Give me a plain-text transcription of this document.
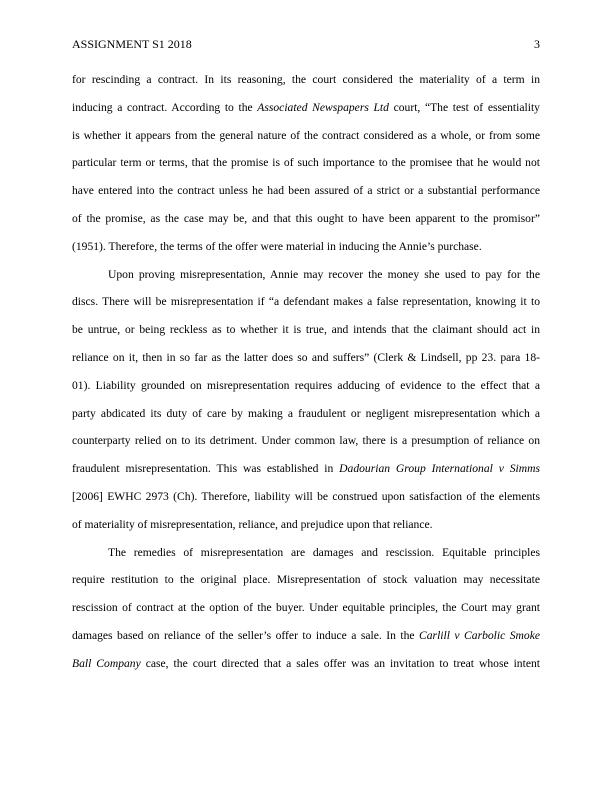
ASSIGNMENT S1 2018	3
for rescinding a contract. In its reasoning, the court considered the materiality of a term in
inducing a contract. According to the Associated Newspapers Ltd court, “The test of essentiality
is whether it appears from the general nature of the contract considered as a whole, or from some
particular term or terms, that the promise is of such importance to the promisee that he would not
have entered into the contract unless he had been assured of a strict or a substantial performance
of the promise, as the case may be, and that this ought to have been apparent to the promisor”
(1951). Therefore, the terms of the offer were material in inducing the Annie’s purchase.
Upon proving misrepresentation, Annie may recover the money she used to pay for the
discs. There will be misrepresentation if “a defendant makes a false representation, knowing it to
be untrue, or being reckless as to whether it is true, and intends that the claimant should act in
reliance on it, then in so far as the latter does so and suffers” (Clerk & Lindsell, pp 23. para 18-
01). Liability grounded on misrepresentation requires adducing of evidence to the effect that a
party abdicated its duty of care by making a fraudulent or negligent misrepresentation which a
counterparty relied on to its detriment. Under common law, there is a presumption of reliance on
fraudulent misrepresentation. This was established in Dadourian Group International v Simms
[2006] EWHC 2973 (Ch). Therefore, liability will be construed upon satisfaction of the elements
of materiality of misrepresentation, reliance, and prejudice upon that reliance.
The remedies of misrepresentation are damages and rescission. Equitable principles
require restitution to the original place. Misrepresentation of stock valuation may necessitate
rescission of contract at the option of the buyer. Under equitable principles, the Court may grant
damages based on reliance of the seller’s offer to induce a sale. In the Carlill v Carbolic Smoke
Ball Company case, the court directed that a sales offer was an invitation to treat whose intent
